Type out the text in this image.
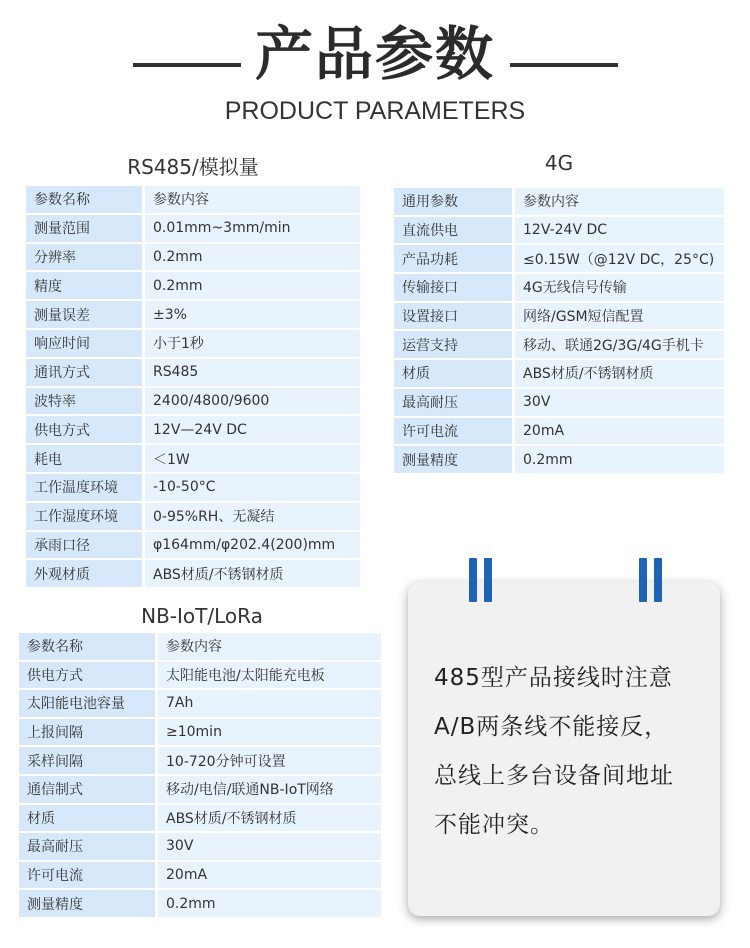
产品参数
PRODUCT PARAMETERS
RS485/模拟量
参数名称	参数内容
测量范围	0.01mm~3mm/min
分辨率	0.2mm
精度	0.2mm
测量误差	±3%
响应时间	小于1秒
通讯方式	RS485
波特率	2400/4800/9600
供电方式	12V—24V DC
耗电	＜1W
工作温度环境	-10-50°C
工作湿度环境	0-95%RH、无凝结
承雨口径	φ164mm/φ202.4(200)mm
外观材质	ABS材质/不锈钢材质
4G
通用参数	参数内容
直流供电	12V-24V DC
产品功耗	≤0.15W（@12V DC，25°C)
传输接口	4G无线信号传输
设置接口	网络/GSM短信配置
运营支持	移动、联通2G/3G/4G手机卡
材质	ABS材质/不锈钢材质
最高耐压	30V
许可电流	20mA
测量精度	0.2mm
NB-IoT/LoRa
参数名称	参数内容
供电方式	太阳能电池/太阳能充电板
太阳能电池容量	7Ah
上报间隔	≥10min
采样间隔	10-720分钟可设置
通信制式	移动/电信/联通NB-IoT网络
材质	ABS材质/不锈钢材质
最高耐压	30V
许可电流	20mA
测量精度	0.2mm
485型产品接线时注意
A/B两条线不能接反，
总线上多台设备间地址
不能冲突。
